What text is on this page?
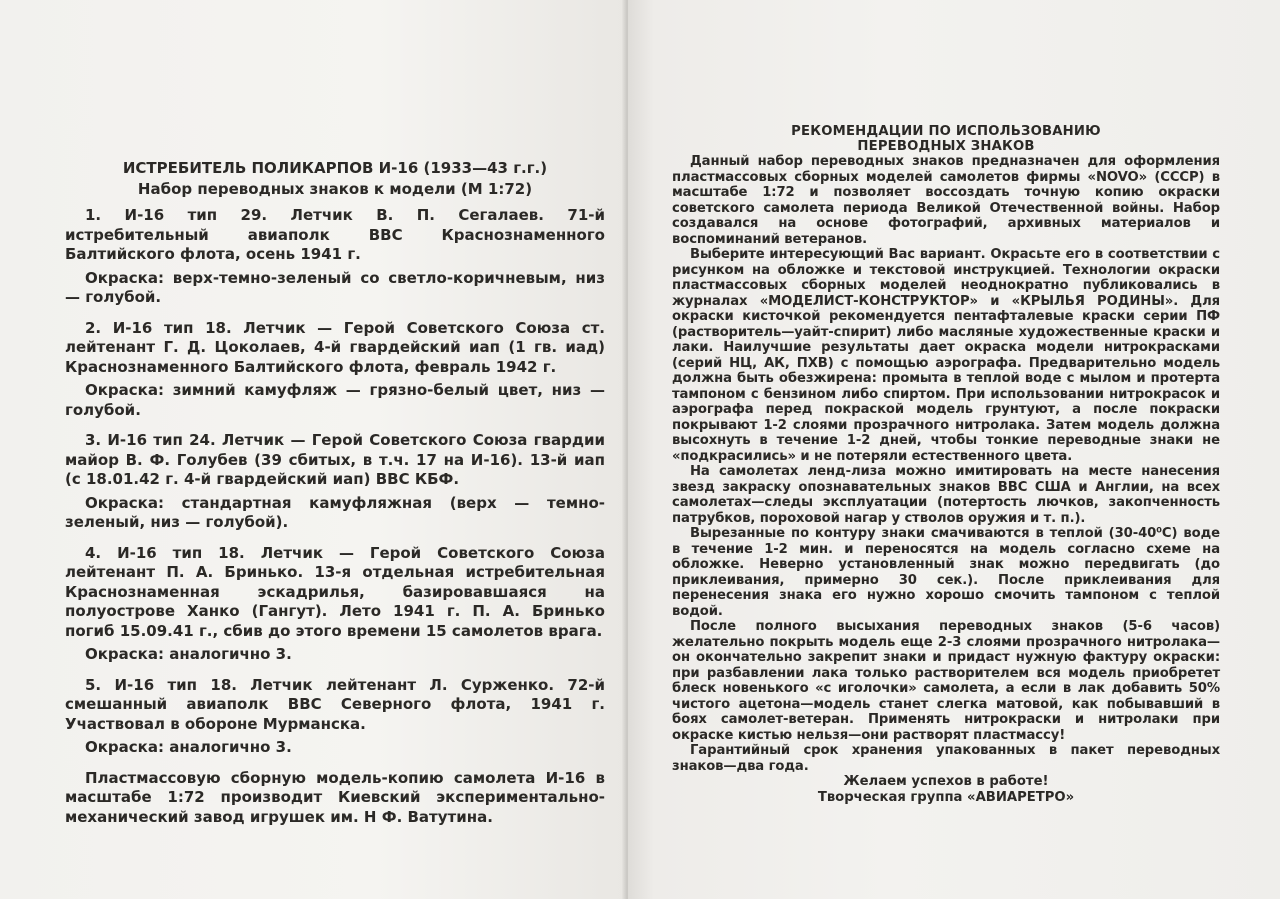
ИСТРЕБИТЕЛЬ ПОЛИКАРПОВ И-16 (1933—43 г.г.)

Набор переводных знаков к модели (М 1:72)

1. И-16 тип 29. Летчик В. П. Сегалаев. 71-й истребительный авиаполк ВВС Краснознаменного Балтийского флота, осень 1941 г.

Окраска: верх-темно-зеленый со светло-коричневым, низ — голубой.

2. И-16 тип 18. Летчик — Герой Советского Союза ст. лейтенант Г. Д. Цоколаев, 4-й гвардейский иап (1 гв. иад) Краснознаменного Балтийского флота, февраль 1942 г.

Окраска: зимний камуфляж — грязно-белый цвет, низ — голубой.

3. И-16 тип 24. Летчик — Герой Советского Союза гвардии майор В. Ф. Голубев (39 сбитых, в т.ч. 17 на И-16). 13-й иап (с 18.01.42 г. 4-й гвардейский иап) ВВС КБФ.

Окраска: стандартная камуфляжная (верх — темно-зеленый, низ — голубой).

4. И-16 тип 18. Летчик — Герой Советского Союза лейтенант П. А. Бринько. 13-я отдельная истребительная Краснознаменная эскадрилья, базировавшаяся на полуострове Ханко (Гангут). Лето 1941 г. П. А. Бринько погиб 15.09.41 г., сбив до этого времени 15 самолетов врага.

Окраска: аналогично 3.

5. И-16 тип 18. Летчик лейтенант Л. Сурженко. 72-й смешанный авиаполк ВВС Северного флота, 1941 г. Участвовал в обороне Мурманска.

Окраска: аналогично 3.

Пластмассовую сборную модель-копию самолета И-16 в масштабе 1:72 производит Киевский экспериментально-механический завод игрушек им. Н Ф. Ватутина.

РЕКОМЕНДАЦИИ ПО ИСПОЛЬЗОВАНИЮ

ПЕРЕВОДНЫХ ЗНАКОВ

Данный набор переводных знаков предназначен для оформления пластмассовых сборных моделей самолетов фирмы «NOVO» (СССР) в масштабе 1:72 и позволяет воссоздать точную копию окраски советского самолета периода Великой Отечественной войны. Набор создавался на основе фотографий, архивных материалов и воспоминаний ветеранов.

Выберите интересующий Вас вариант. Окрасьте его в соответствии с рисунком на обложке и текстовой инструкцией. Технологии окраски пластмассовых сборных моделей неоднократно публиковались в журналах «МОДЕЛИСТ-КОНСТРУКТОР» и «КРЫЛЬЯ РОДИНЫ». Для окраски кисточкой рекомендуется пентафталевые краски серии ПФ (растворитель—уайт-спирит) либо масляные художественные краски и лаки. Наилучшие результаты дает окраска модели нитрокрасками (серий НЦ, АК, ПХВ) с помощью аэрографа. Предварительно модель должна быть обезжирена: промыта в теплой воде с мылом и протерта тампоном с бензином либо спиртом. При использовании нитрокрасок и аэрографа перед покраской модель грунтуют, а после покраски покрывают 1-2 слоями прозрачного нитролака. Затем модель должна высохнуть в течение 1-2 дней, чтобы тонкие переводные знаки не «подкрасились» и не потеряли естественного цвета.

На самолетах ленд-лиза можно имитировать на месте нанесения звезд закраску опознавательных знаков ВВС США и Англии, на всех самолетах—следы эксплуатации (потертость лючков, закопченность патрубков, пороховой нагар у стволов оружия и т. п.).

Вырезанные по контуру знаки смачиваются в теплой (30-40⁰С) воде в течение 1-2 мин. и переносятся на модель согласно схеме на обложке. Неверно установленный знак можно передвигать (до приклеивания, примерно 30 сек.). После приклеивания для перенесения знака его нужно хорошо смочить тампоном с теплой водой.

После полного высыхания переводных знаков (5-6 часов) желательно покрыть модель еще 2-3 слоями прозрачного нитролака—он окончательно закрепит знаки и придаст нужную фактуру окраски: при разбавлении лака только растворителем вся модель приобретет блеск новенького «с иголочки» самолета, а если в лак добавить 50% чистого ацетона—модель станет слегка матовой, как побывавший в боях самолет-ветеран. Применять нитрокраски и нитролаки при окраске кистью нельзя—они растворят пластмассу!

Гарантийный срок хранения упакованных в пакет переводных знаков—два года.

Желаем успехов в работе!

Творческая группа «АВИАРЕТРО»
